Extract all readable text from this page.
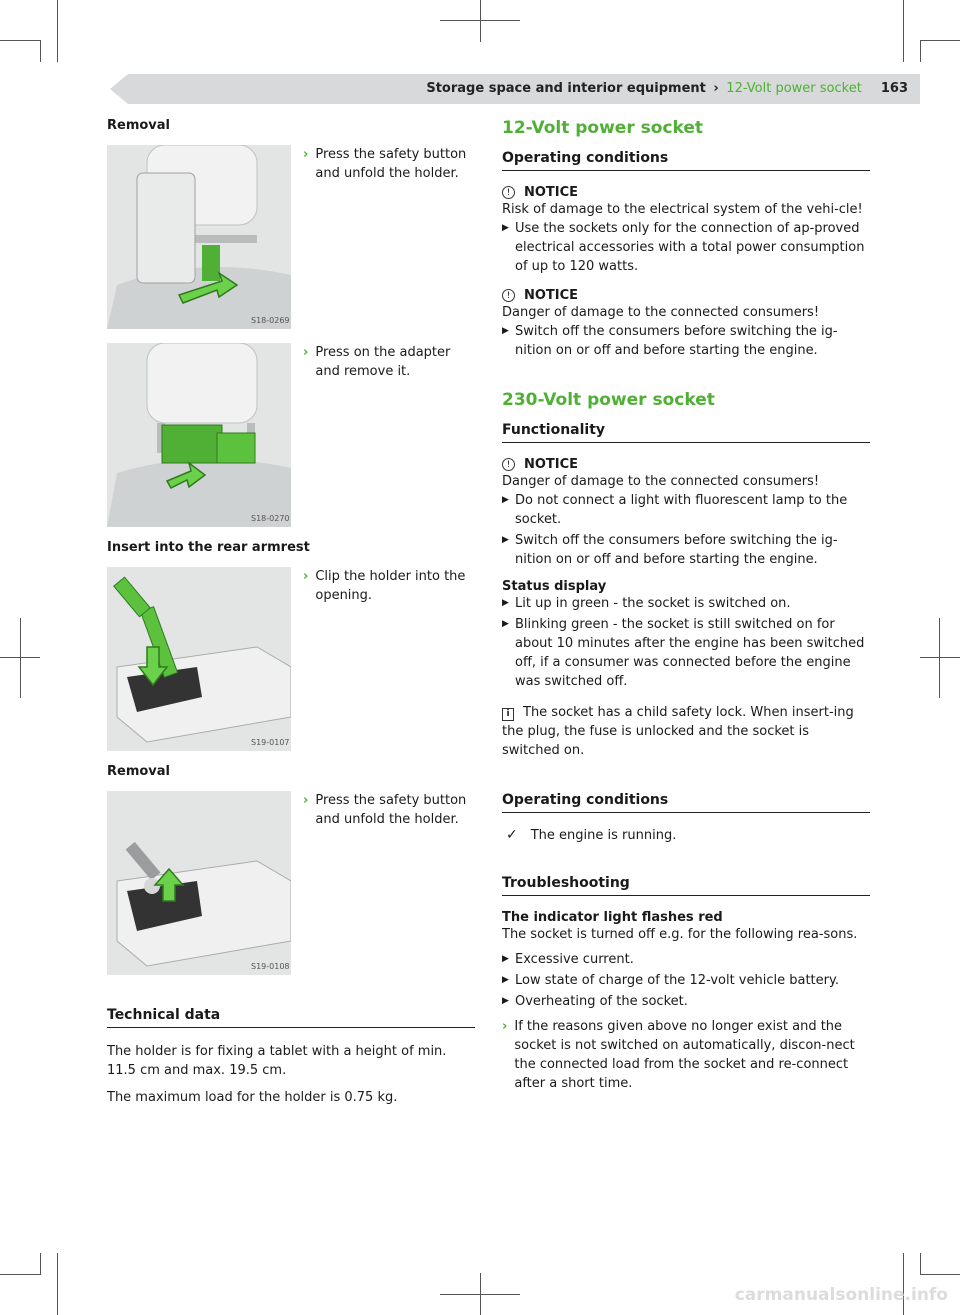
Storage space and interior equipment › 12-Volt power socket 163
Removal
S18-0269
› Press the safety button and unfold the holder.
S18-0270
› Press on the adapter and remove it.
Insert into the rear armrest
S19-0107
› Clip the holder into the opening.
Removal
S19-0108
› Press the safety button and unfold the holder.
Technical data

The holder is for fixing a tablet with a height of min. 11.5 cm and max. 19.5 cm.

The maximum load for the holder is 0.75 kg.

12-Volt power socket
Operating conditions
!	NOTICE

Risk of damage to the electrical system of the vehi-cle!

▶ Use the sockets only for the connection of ap-proved electrical accessories with a total power consumption of up to 120 watts.
!	NOTICE

Danger of damage to the connected consumers!

▶ Switch off the consumers before switching the ig-nition on or off and before starting the engine.
230-Volt power socket
Functionality
!	NOTICE

Danger of damage to the connected consumers!

▶ Do not connect a light with fluorescent lamp to the socket.
▶ Switch off the consumers before switching the ig-nition on or off and before starting the engine.
Status display
▶ Lit up in green - the socket is switched on.
▶ Blinking green - the socket is still switched on for about 10 minutes after the engine has been switched off, if a consumer was connected before the engine was switched off.

i The socket has a child safety lock. When insert-ing the plug, the fuse is unlocked and the socket is switched on.

Operating conditions
✓ The engine is running.
Troubleshooting
The indicator light flashes red

The socket is turned off e.g. for the following rea-sons.

▶ Excessive current.
▶ Low state of charge of the 12-volt vehicle battery.
▶ Overheating of the socket.
› If the reasons given above no longer exist and the socket is not switched on automatically, discon-nect the connected load from the socket and re-connect after a short time.
carmanualsonline.info
